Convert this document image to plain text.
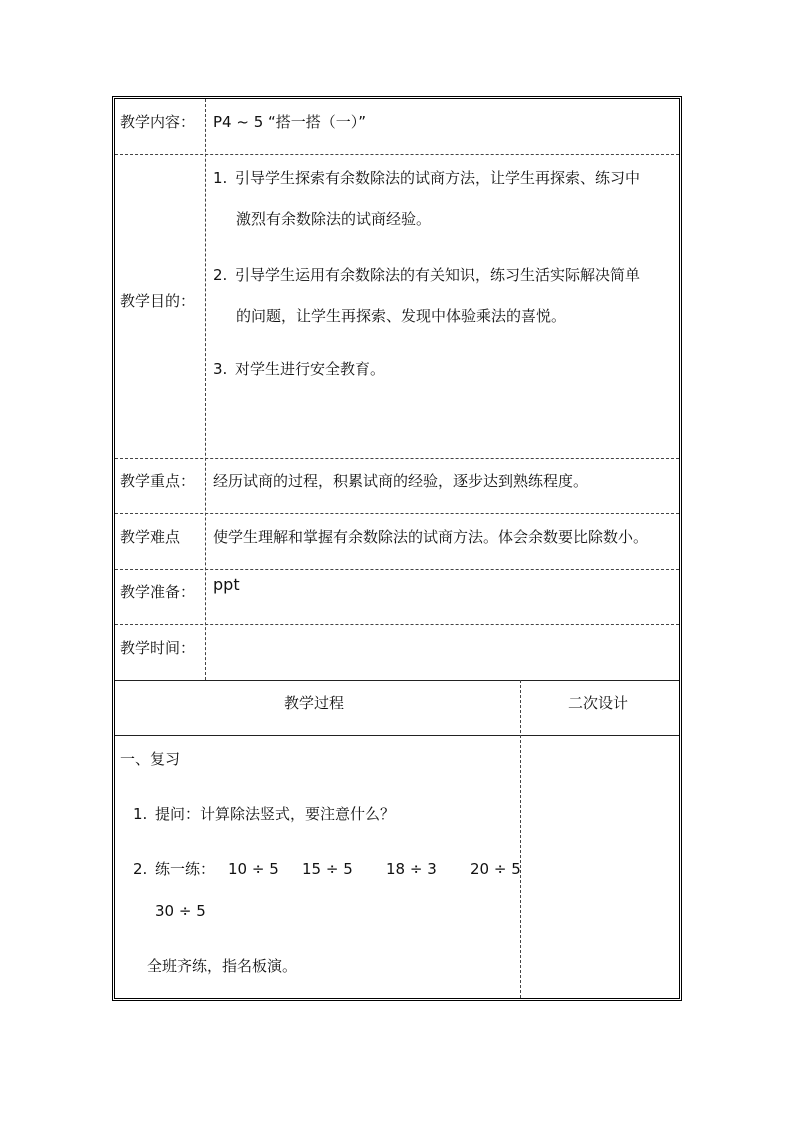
教学内容： P4 ~ 5 “搭一搭（一）”
教学目的：
1. 引导学生探索有余数除法的试商方法，让学生再探索、练习中
激烈有余数除法的试商经验。
2. 引导学生运用有余数除法的有关知识，练习生活实际解决简单
的问题，让学生再探索、发现中体验乘法的喜悦。
3. 对学生进行安全教育。
教学重点： 经历试商的过程，积累试商的经验，逐步达到熟练程度。
教学难点 使学生理解和掌握有余数除法的试商方法。体会余数要比除数小。
教学准备： ppt
教学时间：
教学过程	二次设计
一、复习
1. 提问：计算除法竖式，要注意什么？
2. 练一练： 10 ÷ 5 15 ÷ 5 18 ÷ 3 20 ÷ 5
30 ÷ 5
全班齐练，指名板演。
